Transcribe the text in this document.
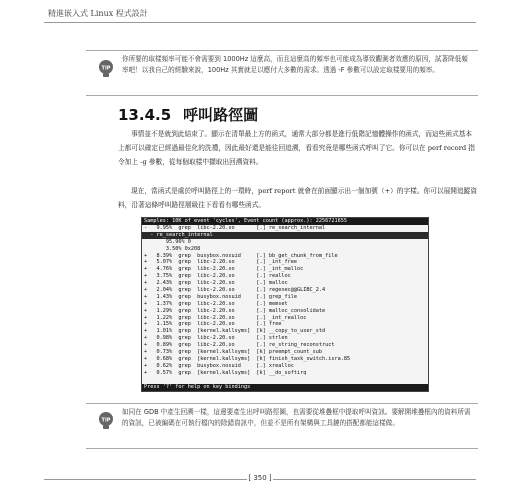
精進嵌入式 Linux 程式設計
TIP
你所要的取樣頻率可能不會需要到 1000Hz 這麼高，而且這麼高的頻率也可能成為導致觀測者效應的原因，試著降低頻率吧！以我自己的經驗來說，100Hz 其實就足以應付大多數的需求。透過 -F 參數可以設定取樣要用的頻率。
13.4.5 呼叫路徑圖
事情並不是就到此結束了。顯示在清單最上方的函式，通常大部分都是進行低階記憶體操作的函式，而這些函式基本上都可以確定已經過最佳化的洗禮，因此最好還是能往回追溯，看看究竟是哪些函式呼叫了它。你可以在 perf record 指令加上 -g 參數，從每個取樣中擷取出回溯資料。
現在，當函式是處於呼叫路徑上的一環時，perf report 就會在前面顯示出一個加號（+）的字樣。你可以展開追蹤資料，沿著這條呼叫路徑層級往下看看有哪些函式。
Samples: 10K of event 'cycles', Event count (approx.): 2256721655
-   9.95%  grep  libc-2.20.so       [.] re_search_internal
- re_search_internal
95.96% 0
3.50% 0x208
+   8.39%  grep  busybox.nosuid     [.] bb_get_chunk_from_file
+   5.07%  grep  libc-2.20.so       [.] _int_free
+   4.76%  grep  libc-2.20.so       [.] _int_malloc
+   3.75%  grep  libc-2.20.so       [.] realloc
+   2.43%  grep  libc-2.20.so       [.] malloc
+   2.04%  grep  libc-2.20.so       [.] regexec@@GLIBC_2.4
+   1.43%  grep  busybox.nosuid     [.] grep_file
+   1.37%  grep  libc-2.20.so       [.] memset
+   1.29%  grep  libc-2.20.so       [.] malloc_consolidate
+   1.22%  grep  libc-2.20.so       [.] _int_realloc
+   1.15%  grep  libc-2.20.so       [.] free
+   1.01%  grep  [kernel.kallsyms]  [k] __copy_to_user_std
+   0.98%  grep  libc-2.20.so       [.] strlen
+   0.89%  grep  libc-2.20.so       [.] re_string_reconstruct
+   0.73%  grep  [kernel.kallsyms]  [k] preempt_count_sub
+   0.68%  grep  [kernel.kallsyms]  [k] finish_task_switch.isra.85
+   0.62%  grep  busybox.nosuid     [.] xrealloc
+   0.57%  grep  [kernel.kallsyms]  [k] __do_softirq
Press '?' for help on key bindings
TIP
如同在 GDB 中產生回溯一樣，這邊要產生出呼叫路徑圖，也需要從堆疊框中提取呼叫資訊。要解開堆疊框內的資料所需的資訊，已被編碼在可執行檔內的除錯資訊中，但並不是所有架構與工具鏈的搭配都能這樣做。
[ 350 ]
